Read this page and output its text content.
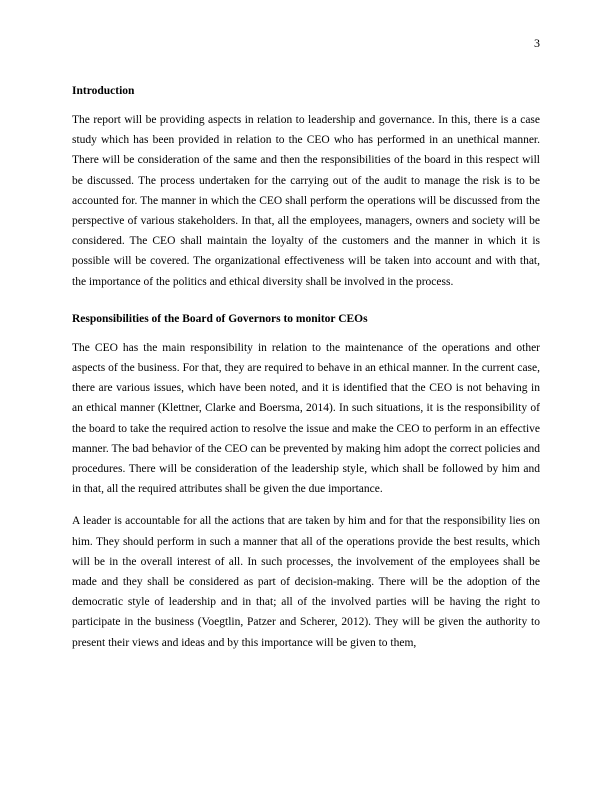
3
Introduction

The report will be providing aspects in relation to leadership and governance. In this, there is a case study which has been provided in relation to the CEO who has performed in an unethical manner. There will be consideration of the same and then the responsibilities of the board in this respect will be discussed. The process undertaken for the carrying out of the audit to manage the risk is to be accounted for. The manner in which the CEO shall perform the operations will be discussed from the perspective of various stakeholders. In that, all the employees, managers, owners and society will be considered. The CEO shall maintain the loyalty of the customers and the manner in which it is possible will be covered. The organizational effectiveness will be taken into account and with that, the importance of the politics and ethical diversity shall be involved in the process.

Responsibilities of the Board of Governors to monitor CEOs

The CEO has the main responsibility in relation to the maintenance of the operations and other aspects of the business. For that, they are required to behave in an ethical manner. In the current case, there are various issues, which have been noted, and it is identified that the CEO is not behaving in an ethical manner (Klettner, Clarke and Boersma, 2014). In such situations, it is the responsibility of the board to take the required action to resolve the issue and make the CEO to perform in an effective manner. The bad behavior of the CEO can be prevented by making him adopt the correct policies and procedures. There will be consideration of the leadership style, which shall be followed by him and in that, all the required attributes shall be given the due importance.

A leader is accountable for all the actions that are taken by him and for that the responsibility lies on him. They should perform in such a manner that all of the operations provide the best results, which will be in the overall interest of all. In such processes, the involvement of the employees shall be made and they shall be considered as part of decision-making. There will be the adoption of the democratic style of leadership and in that; all of the involved parties will be having the right to participate in the business (Voegtlin, Patzer and Scherer, 2012). They will be given the authority to present their views and ideas and by this importance will be given to them,
